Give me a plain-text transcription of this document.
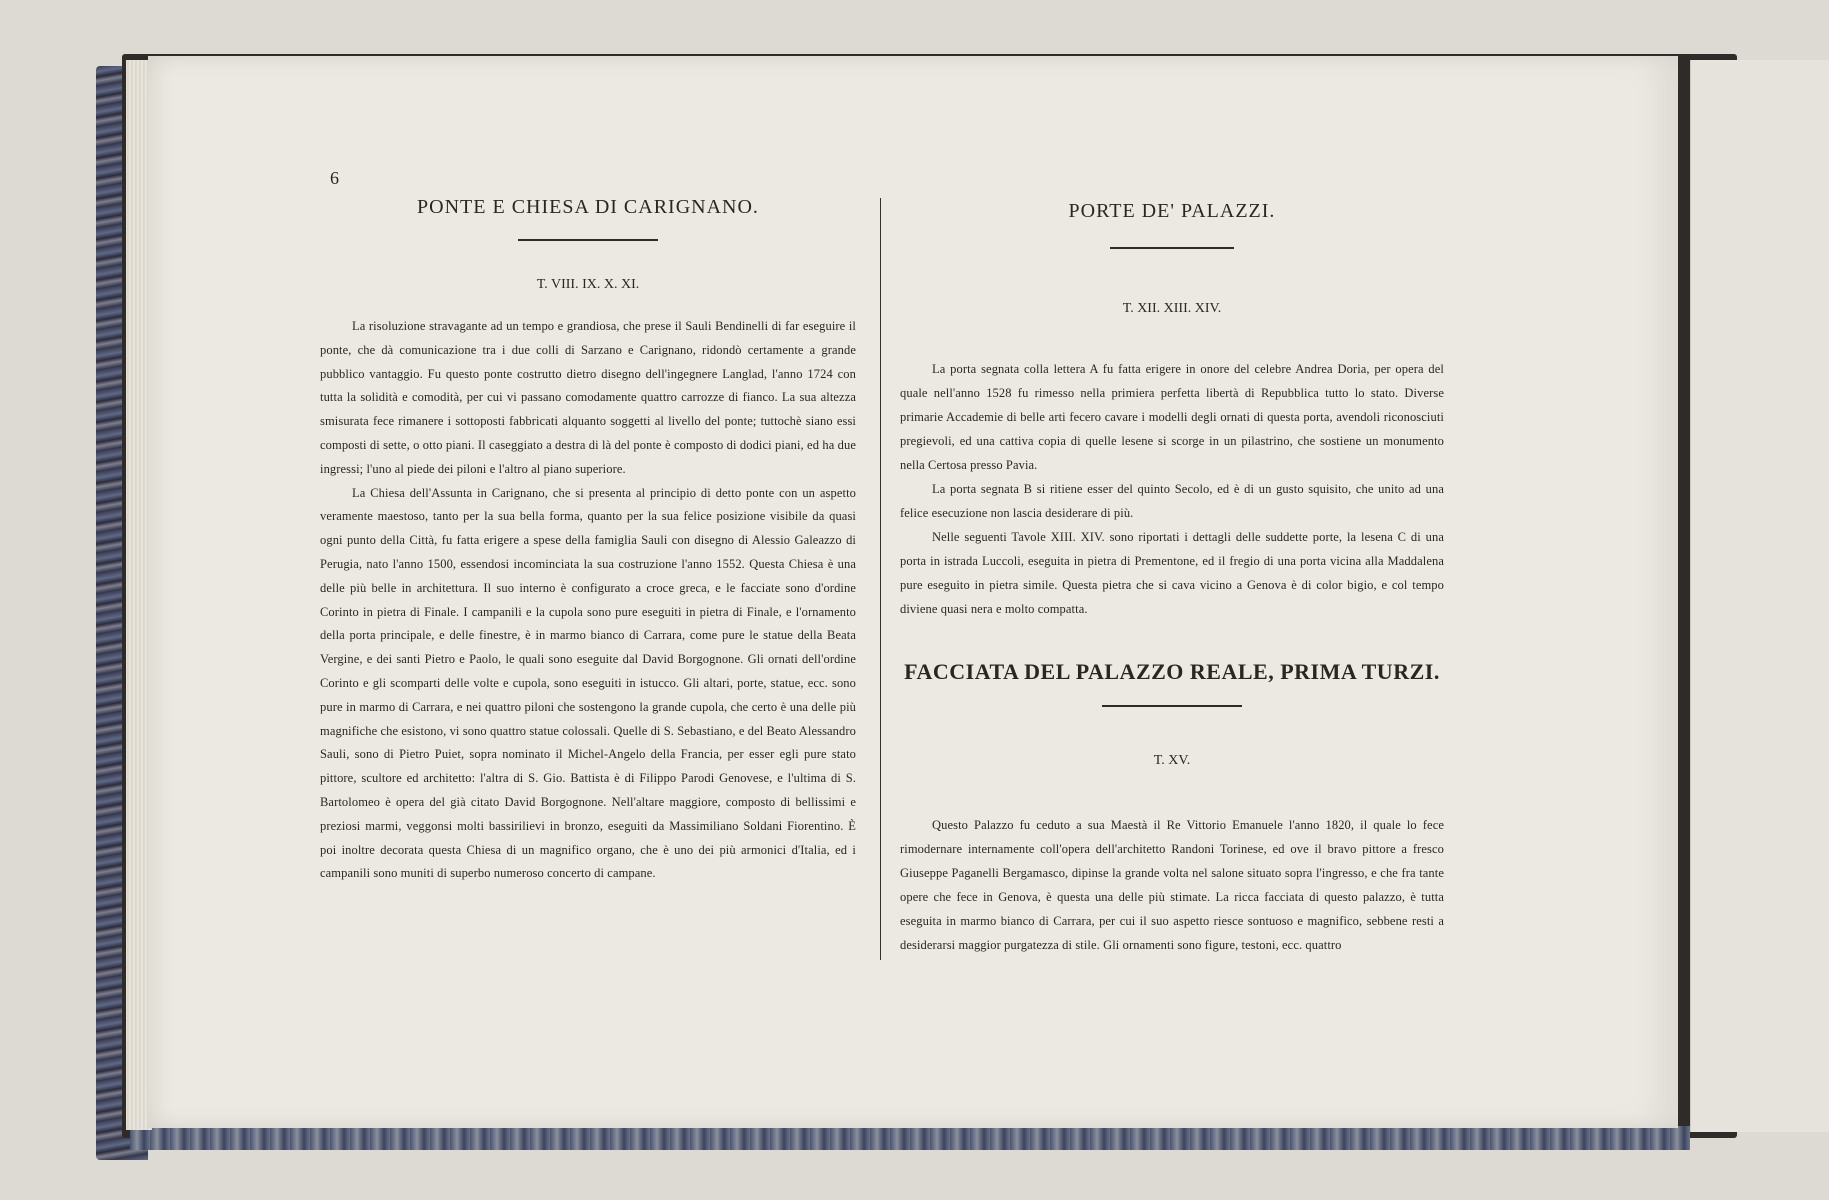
6
PONTE E CHIESA DI CARIGNANO.
T. VIII. IX. X. XI.

La risoluzione stravagante ad un tempo e grandiosa, che prese il Sauli Bendinelli di far eseguire il ponte, che dà comunicazione tra i due colli di Sarzano e Carignano, ridondò certamente a grande pubblico vantaggio. Fu questo ponte costrutto dietro disegno dell'ingegnere Langlad, l'anno 1724 con tutta la solidità e comodità, per cui vi passano comodamente quattro carrozze di fianco. La sua altezza smisurata fece rimanere i sottoposti fabbricati alquanto soggetti al livello del ponte; tuttochè siano essi composti di sette, o otto piani. Il caseggiato a destra di là del ponte è composto di dodici piani, ed ha due ingressi; l'uno al piede dei piloni e l'altro al piano superiore.

La Chiesa dell'Assunta in Carignano, che si presenta al principio di detto ponte con un aspetto veramente maestoso, tanto per la sua bella forma, quanto per la sua felice posizione visibile da quasi ogni punto della Città, fu fatta erigere a spese della famiglia Sauli con disegno di Alessio Galeazzo di Perugia, nato l'anno 1500, essendosi incominciata la sua costruzione l'anno 1552. Questa Chiesa è una delle più belle in architettura. Il suo interno è configurato a croce greca, e le facciate sono d'ordine Corinto in pietra di Finale. I campanili e la cupola sono pure eseguiti in pietra di Finale, e l'ornamento della porta principale, e delle finestre, è in marmo bianco di Carrara, come pure le statue della Beata Vergine, e dei santi Pietro e Paolo, le quali sono eseguite dal David Borgognone. Gli ornati dell'ordine Corinto e gli scomparti delle volte e cupola, sono eseguiti in istucco. Gli altari, porte, statue, ecc. sono pure in marmo di Carrara, e nei quattro piloni che sostengono la grande cupola, che certo è una delle più magnifiche che esistono, vi sono quattro statue colossali. Quelle di S. Sebastiano, e del Beato Alessandro Sauli, sono di Pietro Puiet, sopra nominato il Michel-Angelo della Francia, per esser egli pure stato pittore, scultore ed architetto: l'altra di S. Gio. Battista è di Filippo Parodi Genovese, e l'ultima di S. Bartolomeo è opera del già citato David Borgognone. Nell'altare maggiore, composto di bellissimi e preziosi marmi, veggonsi molti bassirilievi in bronzo, eseguiti da Massimiliano Soldani Fiorentino. È poi inoltre decorata questa Chiesa di un magnifico organo, che è uno dei più armonici d'Italia, ed i campanili sono muniti di superbo numeroso concerto di campane.

PORTE DE' PALAZZI.
T. XII. XIII. XIV.

La porta segnata colla lettera A fu fatta erigere in onore del celebre Andrea Doria, per opera del quale nell'anno 1528 fu rimesso nella primiera perfetta libertà di Repubblica tutto lo stato. Diverse primarie Accademie di belle arti fecero cavare i modelli degli ornati di questa porta, avendoli riconosciuti pregievoli, ed una cattiva copia di quelle lesene si scorge in un pilastrino, che sostiene un monumento nella Certosa presso Pavia.

La porta segnata B si ritiene esser del quinto Secolo, ed è di un gusto squisito, che unito ad una felice esecuzione non lascia desiderare di più.

Nelle seguenti Tavole XIII. XIV. sono riportati i dettagli delle suddette porte, la lesena C di una porta in istrada Luccoli, eseguita in pietra di Prementone, ed il fregio di una porta vicina alla Maddalena pure eseguito in pietra simile. Questa pietra che si cava vicino a Genova è di color bigio, e col tempo diviene quasi nera e molto compatta.

FACCIATA DEL PALAZZO REALE, PRIMA TURZI.
T. XV.

Questo Palazzo fu ceduto a sua Maestà il Re Vittorio Emanuele l'anno 1820, il quale lo fece rimodernare internamente coll'opera dell'architetto Randoni Torinese, ed ove il bravo pittore a fresco Giuseppe Paganelli Bergamasco, dipinse la grande volta nel salone situato sopra l'ingresso, e che fra tante opere che fece in Genova, è questa una delle più stimate. La ricca facciata di questo palazzo, è tutta eseguita in marmo bianco di Carrara, per cui il suo aspetto riesce sontuoso e magnifico, sebbene resti a desiderarsi maggior purgatezza di stile. Gli ornamenti sono figure, testoni, ecc. quattro
